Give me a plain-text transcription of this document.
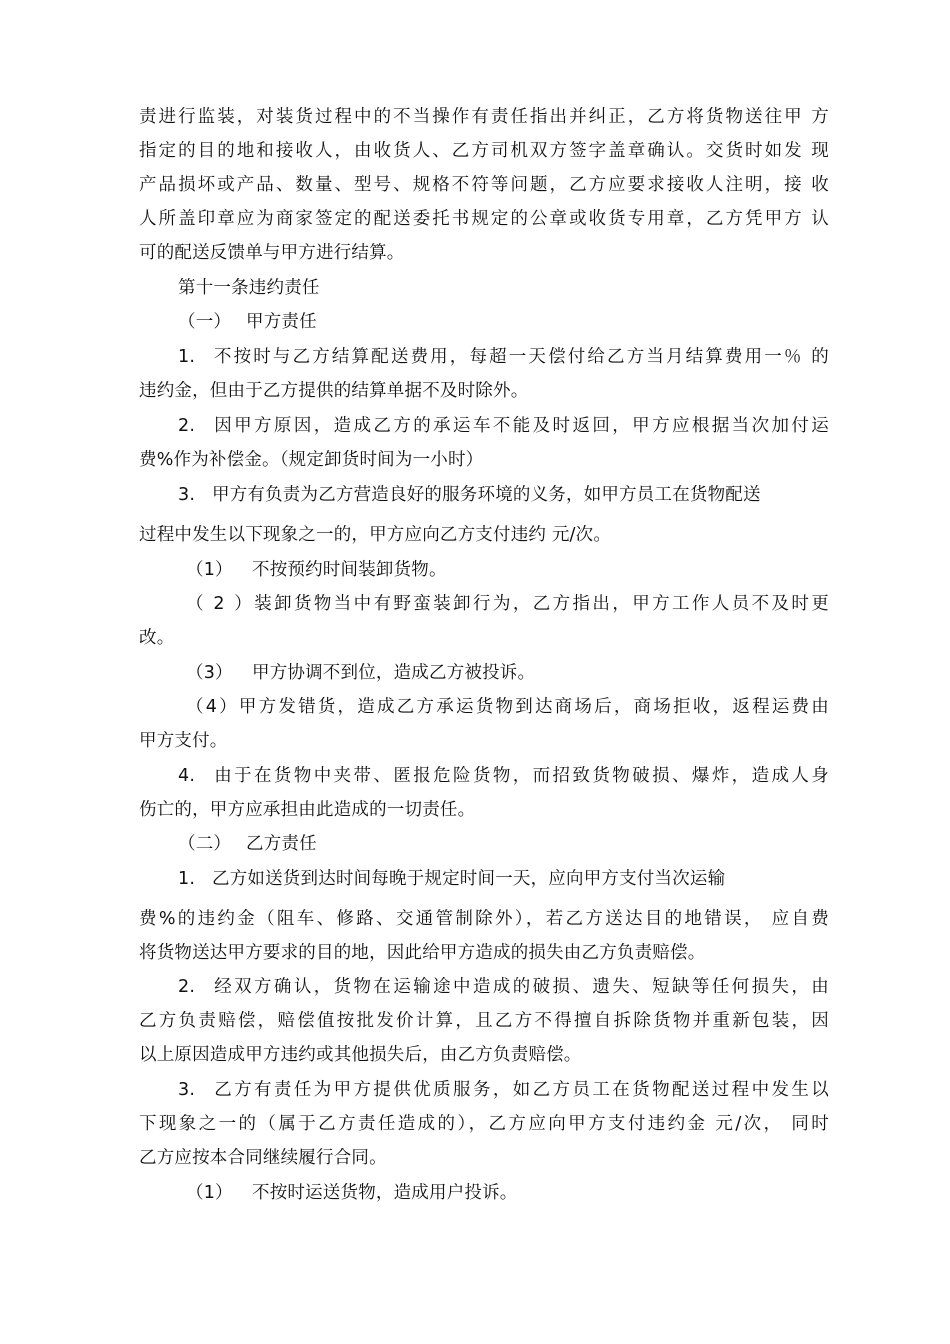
责进行监装，对装货过程中的不当操作有责任指出并纠正，乙方将货物送往甲 方
指定的目的地和接收人，由收货人、乙方司机双方签字盖章确认。交货时如发 现
产品损坏或产品、数量、型号、规格不符等问题，乙方应要求接收人注明，接 收
人所盖印章应为商家签定的配送委托书规定的公章或收货专用章，乙方凭甲方 认
可的配送反馈单与甲方进行结算。
第十一条违约责任
（一） 甲方责任
1. 不按时与乙方结算配送费用，每超一天偿付给乙方当月结算费用一％ 的
违约金，但由于乙方提供的结算单据不及时除外。
2. 因甲方原因，造成乙方的承运车不能及时返回，甲方应根据当次加付运
费%作为补偿金。（规定卸货时间为一小时）
3. 甲方有负责为乙方营造良好的服务环境的义务，如甲方员工在货物配送
过程中发生以下现象之一的，甲方应向乙方支付违约 元/次。
（1） 不按预约时间装卸货物。
（2）装卸货物当中有野蛮装卸行为，乙方指出，甲方工作人员不及时更
改。
（3） 甲方协调不到位，造成乙方被投诉。
（4）甲方发错货，造成乙方承运货物到达商场后，商场拒收，返程运费由
甲方支付。
4. 由于在货物中夹带、匿报危险货物，而招致货物破损、爆炸，造成人身
伤亡的，甲方应承担由此造成的一切责任。
（二） 乙方责任
1. 乙方如送货到达时间每晚于规定时间一天，应向甲方支付当次运输
费%的违约金（阻车、修路、交通管制除外），若乙方送达目的地错误， 应自费
将货物送达甲方要求的目的地，因此给甲方造成的损失由乙方负责赔偿。
2. 经双方确认，货物在运输途中造成的破损、遗失、短缺等任何损失，由
乙方负责赔偿，赔偿值按批发价计算，且乙方不得擅自拆除货物并重新包装，因
以上原因造成甲方违约或其他损失后，由乙方负责赔偿。
3. 乙方有责任为甲方提供优质服务，如乙方员工在货物配送过程中发生以
下现象之一的（属于乙方责任造成的），乙方应向甲方支付违约金 元/次， 同时
乙方应按本合同继续履行合同。
（1） 不按时运送货物，造成用户投诉。
